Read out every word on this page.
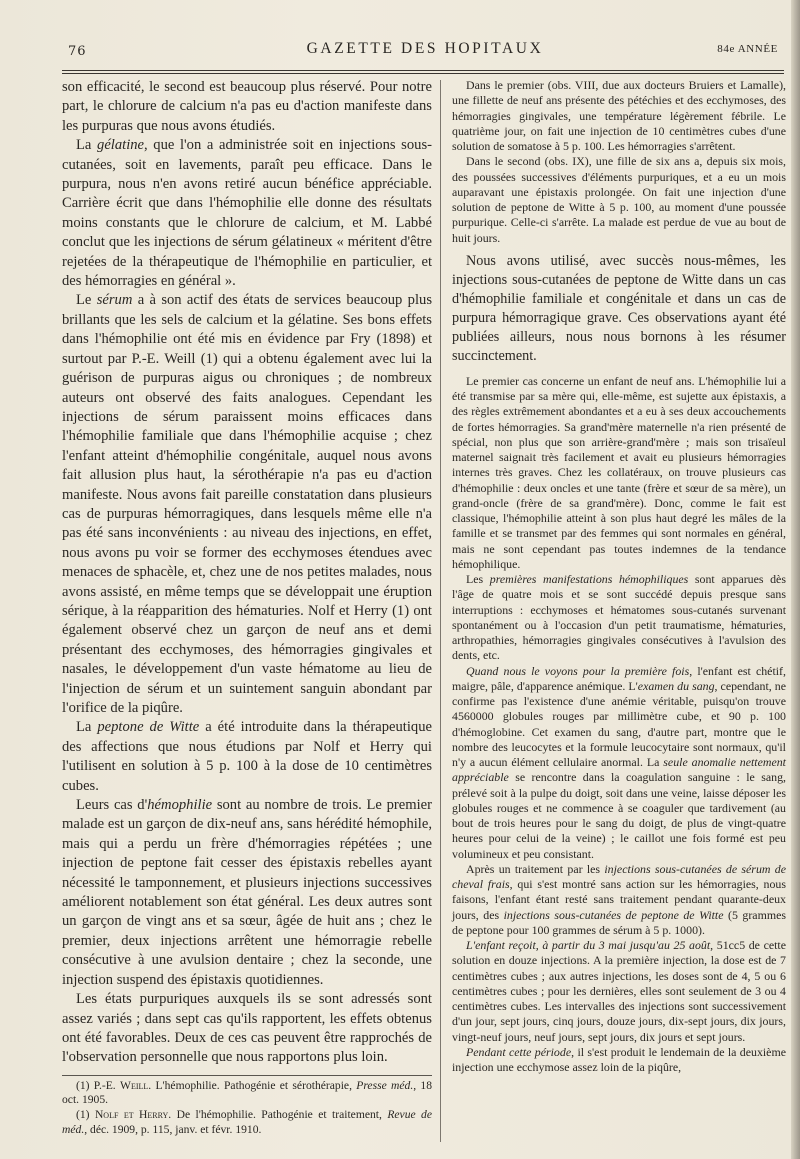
76	GAZETTE DES HOPITAUX	84e ANNÉE

son efficacité, le second est beaucoup plus réservé. Pour notre part, le chlorure de calcium n'a pas eu d'action manifeste dans les purpuras que nous avons étudiés.

La gélatine, que l'on a administrée soit en injections sous-cutanées, soit en lavements, paraît peu efficace. Dans le purpura, nous n'en avons retiré aucun bénéfice appréciable. Carrière écrit que dans l'hémophilie elle donne des résultats moins constants que le chlorure de calcium, et M. Labbé conclut que les injections de sérum gélatineux « méritent d'être rejetées de la thérapeutique de l'hémophilie en particulier, et des hémorragies en général ».

Le sérum a à son actif des états de services beaucoup plus brillants que les sels de calcium et la gélatine. Ses bons effets dans l'hémophilie ont été mis en évidence par Fry (1898) et surtout par P.-E. Weill (1) qui a obtenu également avec lui la guérison de purpuras aigus ou chroniques ; de nombreux auteurs ont observé des faits analogues. Cependant les injections de sérum paraissent moins efficaces dans l'hémophilie familiale que dans l'hémophilie acquise ; chez l'enfant atteint d'hémophilie congénitale, auquel nous avons fait allusion plus haut, la sérothérapie n'a pas eu d'action manifeste. Nous avons fait pareille constatation dans plusieurs cas de purpuras hémorragiques, dans lesquels même elle n'a pas été sans inconvénients : au niveau des injections, en effet, nous avons pu voir se former des ecchymoses étendues avec menaces de sphacèle, et, chez une de nos petites malades, nous avons assisté, en même temps que se développait une éruption sérique, à la réapparition des hématuries. Nolf et Herry (1) ont également observé chez un garçon de neuf ans et demi présentant des ecchymoses, des hémorragies gingivales et nasales, le développement d'un vaste hématome au lieu de l'injection de sérum et un suintement sanguin abondant par l'orifice de la piqûre.

La peptone de Witte a été introduite dans la thérapeutique des affections que nous étudions par Nolf et Herry qui l'utilisent en solution à 5 p. 100 à la dose de 10 centimètres cubes.

Leurs cas d'hémophilie sont au nombre de trois. Le premier malade est un garçon de dix-neuf ans, sans hérédité hémophile, mais qui a perdu un frère d'hémorragies répétées ; une injection de peptone fait cesser des épistaxis rebelles ayant nécessité le tamponnement, et plusieurs injections successives améliorent notablement son état général. Les deux autres sont un garçon de vingt ans et sa sœur, âgée de huit ans ; chez le premier, deux injections arrêtent une hémorragie rebelle consécutive à une avulsion dentaire ; chez la seconde, une injection suspend des épistaxis quotidiennes.

Les états purpuriques auxquels ils se sont adressés sont assez variés ; dans sept cas qu'ils rapportent, les effets obtenus ont été favorables. Deux de ces cas peuvent être rapprochés de l'observation personnelle que nous rapportons plus loin.

(1) P.-E. Weill. L'hémophilie. Pathogénie et sérothérapie, Presse méd., 18 oct. 1905.

(1) Nolf et Herry. De l'hémophilie. Pathogénie et traitement, Revue de méd., déc. 1909, p. 115, janv. et févr. 1910.

Dans le premier (obs. VIII, due aux docteurs Bruiers et Lamalle), une fillette de neuf ans présente des pétéchies et des ecchymoses, des hémorragies gingivales, une température légèrement fébrile. Le quatrième jour, on fait une injection de 10 centimètres cubes d'une solution de somatose à 5 p. 100. Les hémorragies s'arrêtent.

Dans le second (obs. IX), une fille de six ans a, depuis six mois, des poussées successives d'éléments purpuriques, et a eu un mois auparavant une épistaxis prolongée. On fait une injection d'une solution de peptone de Witte à 5 p. 100, au moment d'une poussée purpurique. Celle-ci s'arrête. La malade est perdue de vue au bout de huit jours.

Nous avons utilisé, avec succès nous-mêmes, les injections sous-cutanées de peptone de Witte dans un cas d'hémophilie familiale et congénitale et dans un cas de purpura hémorragique grave. Ces observations ayant été publiées ailleurs, nous nous bornons à les résumer succinctement.

Le premier cas concerne un enfant de neuf ans. L'hémophilie lui a été transmise par sa mère qui, elle-même, est sujette aux épistaxis, a des règles extrêmement abondantes et a eu à ses deux accouchements de fortes hémorragies. Sa grand'mère maternelle n'a rien présenté de spécial, non plus que son arrière-grand'mère ; mais son trisaïeul maternel saignait très facilement et avait eu plusieurs hémorragies internes très graves. Chez les collatéraux, on trouve plusieurs cas d'hémophilie : deux oncles et une tante (frère et sœur de sa mère), un grand-oncle (frère de sa grand'mère). Donc, comme le fait est classique, l'hémophilie atteint à son plus haut degré les mâles de la famille et se transmet par des femmes qui sont normales en général, mais ne sont cependant pas toutes indemnes de la tendance hémophilique.

Les premières manifestations hémophiliques sont apparues dès l'âge de quatre mois et se sont succédé depuis presque sans interruptions : ecchymoses et hématomes sous-cutanés survenant spontanément ou à l'occasion d'un petit traumatisme, hématuries, arthropathies, hémorragies gingivales consécutives à l'avulsion des dents, etc.

Quand nous le voyons pour la première fois, l'enfant est chétif, maigre, pâle, d'apparence anémique. L'examen du sang, cependant, ne confirme pas l'existence d'une anémie véritable, puisqu'on trouve 4560000 globules rouges par millimètre cube, et 90 p. 100 d'hémoglobine. Cet examen du sang, d'autre part, montre que le nombre des leucocytes et la formule leucocytaire sont normaux, qu'il n'y a aucun élément cellulaire anormal. La seule anomalie nettement appréciable se rencontre dans la coagulation sanguine : le sang, prélevé soit à la pulpe du doigt, soit dans une veine, laisse déposer les globules rouges et ne commence à se coaguler que tardivement (au bout de trois heures pour le sang du doigt, de plus de vingt-quatre heures pour celui de la veine) ; le caillot une fois formé est peu volumineux et peu consistant.

Après un traitement par les injections sous-cutanées de sérum de cheval frais, qui s'est montré sans action sur les hémorragies, nous faisons, l'enfant étant resté sans traitement pendant quarante-deux jours, des injections sous-cutanées de peptone de Witte (5 grammes de peptone pour 100 grammes de sérum à 5 p. 1000).

L'enfant reçoit, à partir du 3 mai jusqu'au 25 août, 51cc5 de cette solution en douze injections. A la première injection, la dose est de 7 centimètres cubes ; aux autres injections, les doses sont de 4, 5 ou 6 centimètres cubes ; pour les dernières, elles sont seulement de 3 ou 4 centimètres cubes. Les intervalles des injections sont successivement d'un jour, sept jours, cinq jours, douze jours, dix-sept jours, dix jours, vingt-neuf jours, neuf jours, sept jours, dix jours et sept jours.

Pendant cette période, il s'est produit le lendemain de la deuxième injection une ecchymose assez loin de la piqûre,
